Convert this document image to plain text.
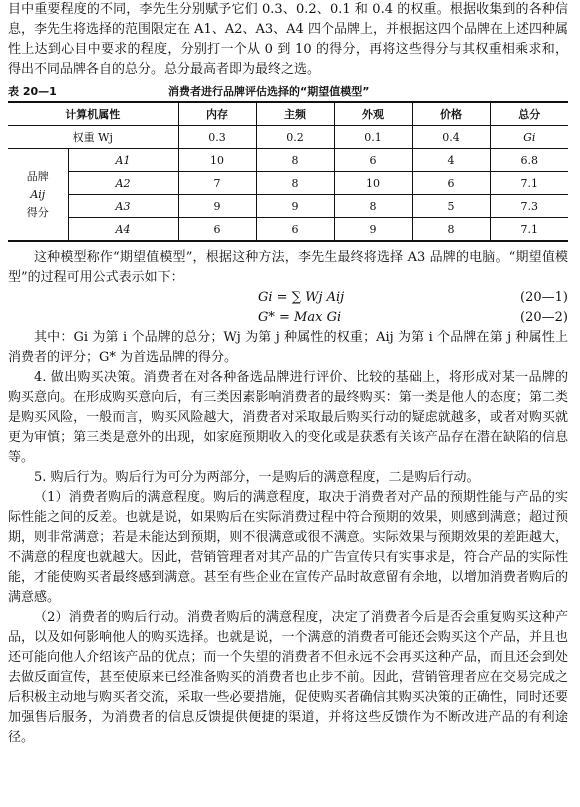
目中重要程度的不同，李先生分别赋予它们 0.3、0.2、0.1 和 0.4 的权重。根据收集到的各种信息，李先生将选择的范围限定在 A1、A2、A3、A4 四个品牌上，并根据这四个品牌在上述四种属性上达到心目中要求的程度，分别打一个从 0 到 10 的得分，再将这些得分与其权重相乘求和，得出不同品牌各自的总分。总分最高者即为最终之选。

表 20—1	消费者进行品牌评估选择的“期望值模型”
计算机属性		内存	主频	外观	价格	总分
权重 Wj		0.3	0.2	0.1	0.4	Gi

品牌
Aij
得分	A1	10	8	6	4	6.8
	A2	7	8	10	6	7.1
	A3	9	9	8	5	7.3
	A4	6	6	9	8	7.1

这种模型称作“期望值模型”，根据这种方法，李先生最终将选择 A3 品牌的电脑。“期望值模型”的过程可用公式表示如下：

Gi = ∑ Wj Aij	(20—1)
G* = Max Gi	(20—2)

其中：Gi 为第 i 个品牌的总分；Wj 为第 j 种属性的权重；Aij 为第 i 个品牌在第 j 种属性上消费者的评分；G* 为首选品牌的得分。

4. 做出购买决策。消费者在对各种备选品牌进行评价、比较的基础上，将形成对某一品牌的购买意向。在形成购买意向后，有三类因素影响消费者的最终购买：第一类是他人的态度；第二类是购买风险，一般而言，购买风险越大，消费者对采取最后购买行动的疑虑就越多，或者对购买就更为审慎；第三类是意外的出现，如家庭预期收入的变化或是获悉有关该产品存在潜在缺陷的信息等。

5. 购后行为。购后行为可分为两部分，一是购后的满意程度，二是购后行动。

（1）消费者购后的满意程度。购后的满意程度，取决于消费者对产品的预期性能与产品的实际性能之间的反差。也就是说，如果购后在实际消费过程中符合预期的效果，则感到满意；超过预期，则非常满意；若是未能达到预期，则不很满意或很不满意。实际效果与预期效果的差距越大，不满意的程度也就越大。因此，营销管理者对其产品的广告宣传只有实事求是，符合产品的实际性能，才能使购买者最终感到满意。甚至有些企业在宣传产品时故意留有余地，以增加消费者购后的满意感。

（2）消费者的购后行动。消费者购后的满意程度，决定了消费者今后是否会重复购买这种产品，以及如何影响他人的购买选择。也就是说，一个满意的消费者可能还会购买这个产品，并且也还可能向他人介绍该产品的优点；而一个失望的消费者不但永远不会再买这种产品，而且还会到处去做反面宣传，甚至使原来已经准备购买的消费者也止步不前。因此，营销管理者应在交易完成之后积极主动地与购买者交流，采取一些必要措施，促使购买者确信其购买决策的正确性，同时还要加强售后服务，为消费者的信息反馈提供便捷的渠道，并将这些反馈作为不断改进产品的有利途径。
